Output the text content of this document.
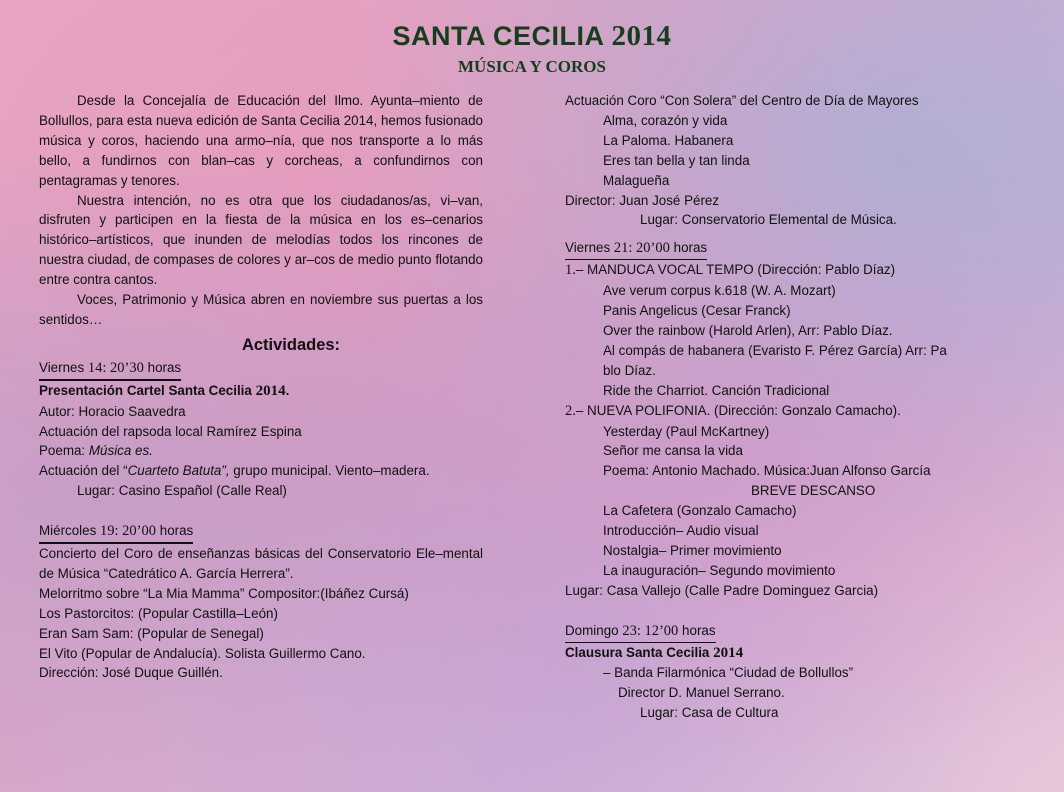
SANTA CECILIA 2014
MÚSICA Y COROS

Desde la Concejalía de Educación del Ilmo. Ayunta–miento de Bollullos, para esta nueva edición de Santa Cecilia 2014, hemos fusionado música y coros, haciendo una armo–nía, que nos transporte a lo más bello, a fundirnos con blan–cas y corcheas, a confundirnos con pentagramas y tenores.

Nuestra intención, no es otra que los ciudadanos/as, vi–van, disfruten y participen en la fiesta de la música en los es–cenarios histórico–artísticos, que inunden de melodías todos los rincones de nuestra ciudad, de compases de colores y ar–cos de medio punto flotando entre contra cantos.

Voces, Patrimonio y Música abren en noviembre sus puertas a los sentidos…

Actividades:
Viernes 14: 20’30 horas
Presentación Cartel Santa Cecilia 2014.
Autor: Horacio Saavedra
Actuación del rapsoda local Ramírez Espina
Poema: Música es.
Actuación del “Cuarteto Batuta”, grupo municipal. Viento–madera.
Lugar: Casino Español (Calle Real)
Miércoles 19: 20’00 horas

Concierto del Coro de enseñanzas básicas del Conservatorio Ele–mental de Música “Catedrático A. García Herrera”.

Melorritmo sobre “La Mia Mamma” Compositor:(Ibáñez Cursá)
Los Pastorcitos: (Popular Castilla–León)
Eran Sam Sam: (Popular de Senegal)
El Vito (Popular de Andalucía). Solista Guillermo Cano.
Dirección: José Duque Guillén.
Actuación Coro “Con Solera” del Centro de Día de Mayores
Alma, corazón y vida
La Paloma. Habanera
Eres tan bella y tan linda
Malagueña
Director: Juan José Pérez
Lugar: Conservatorio Elemental de Música.
Viernes 21: 20’00 horas
1.– MANDUCA VOCAL TEMPO (Dirección: Pablo Díaz)
Ave verum corpus k.618 (W. A. Mozart)
Panis Angelicus (Cesar Franck)
Over the rainbow (Harold Arlen), Arr: Pablo Díaz.
Al compás de habanera (Evaristo F. Pérez García) Arr: Pa
blo Díaz.
Ride the Charriot. Canción Tradicional
2.– NUEVA POLIFONIA. (Dirección: Gonzalo Camacho).
Yesterday (Paul McKartney)
Señor me cansa la vida
Poema: Antonio Machado. Música:Juan Alfonso García
BREVE DESCANSO
La Cafetera (Gonzalo Camacho)
Introducción– Audio visual
Nostalgia– Primer movimiento
La inauguración– Segundo movimiento
Lugar: Casa Vallejo (Calle Padre Dominguez Garcia)
Domingo 23: 12’00 horas
Clausura Santa Cecilia 2014
– Banda Filarmónica “Ciudad de Bollullos”
Director D. Manuel Serrano.
Lugar: Casa de Cultura
